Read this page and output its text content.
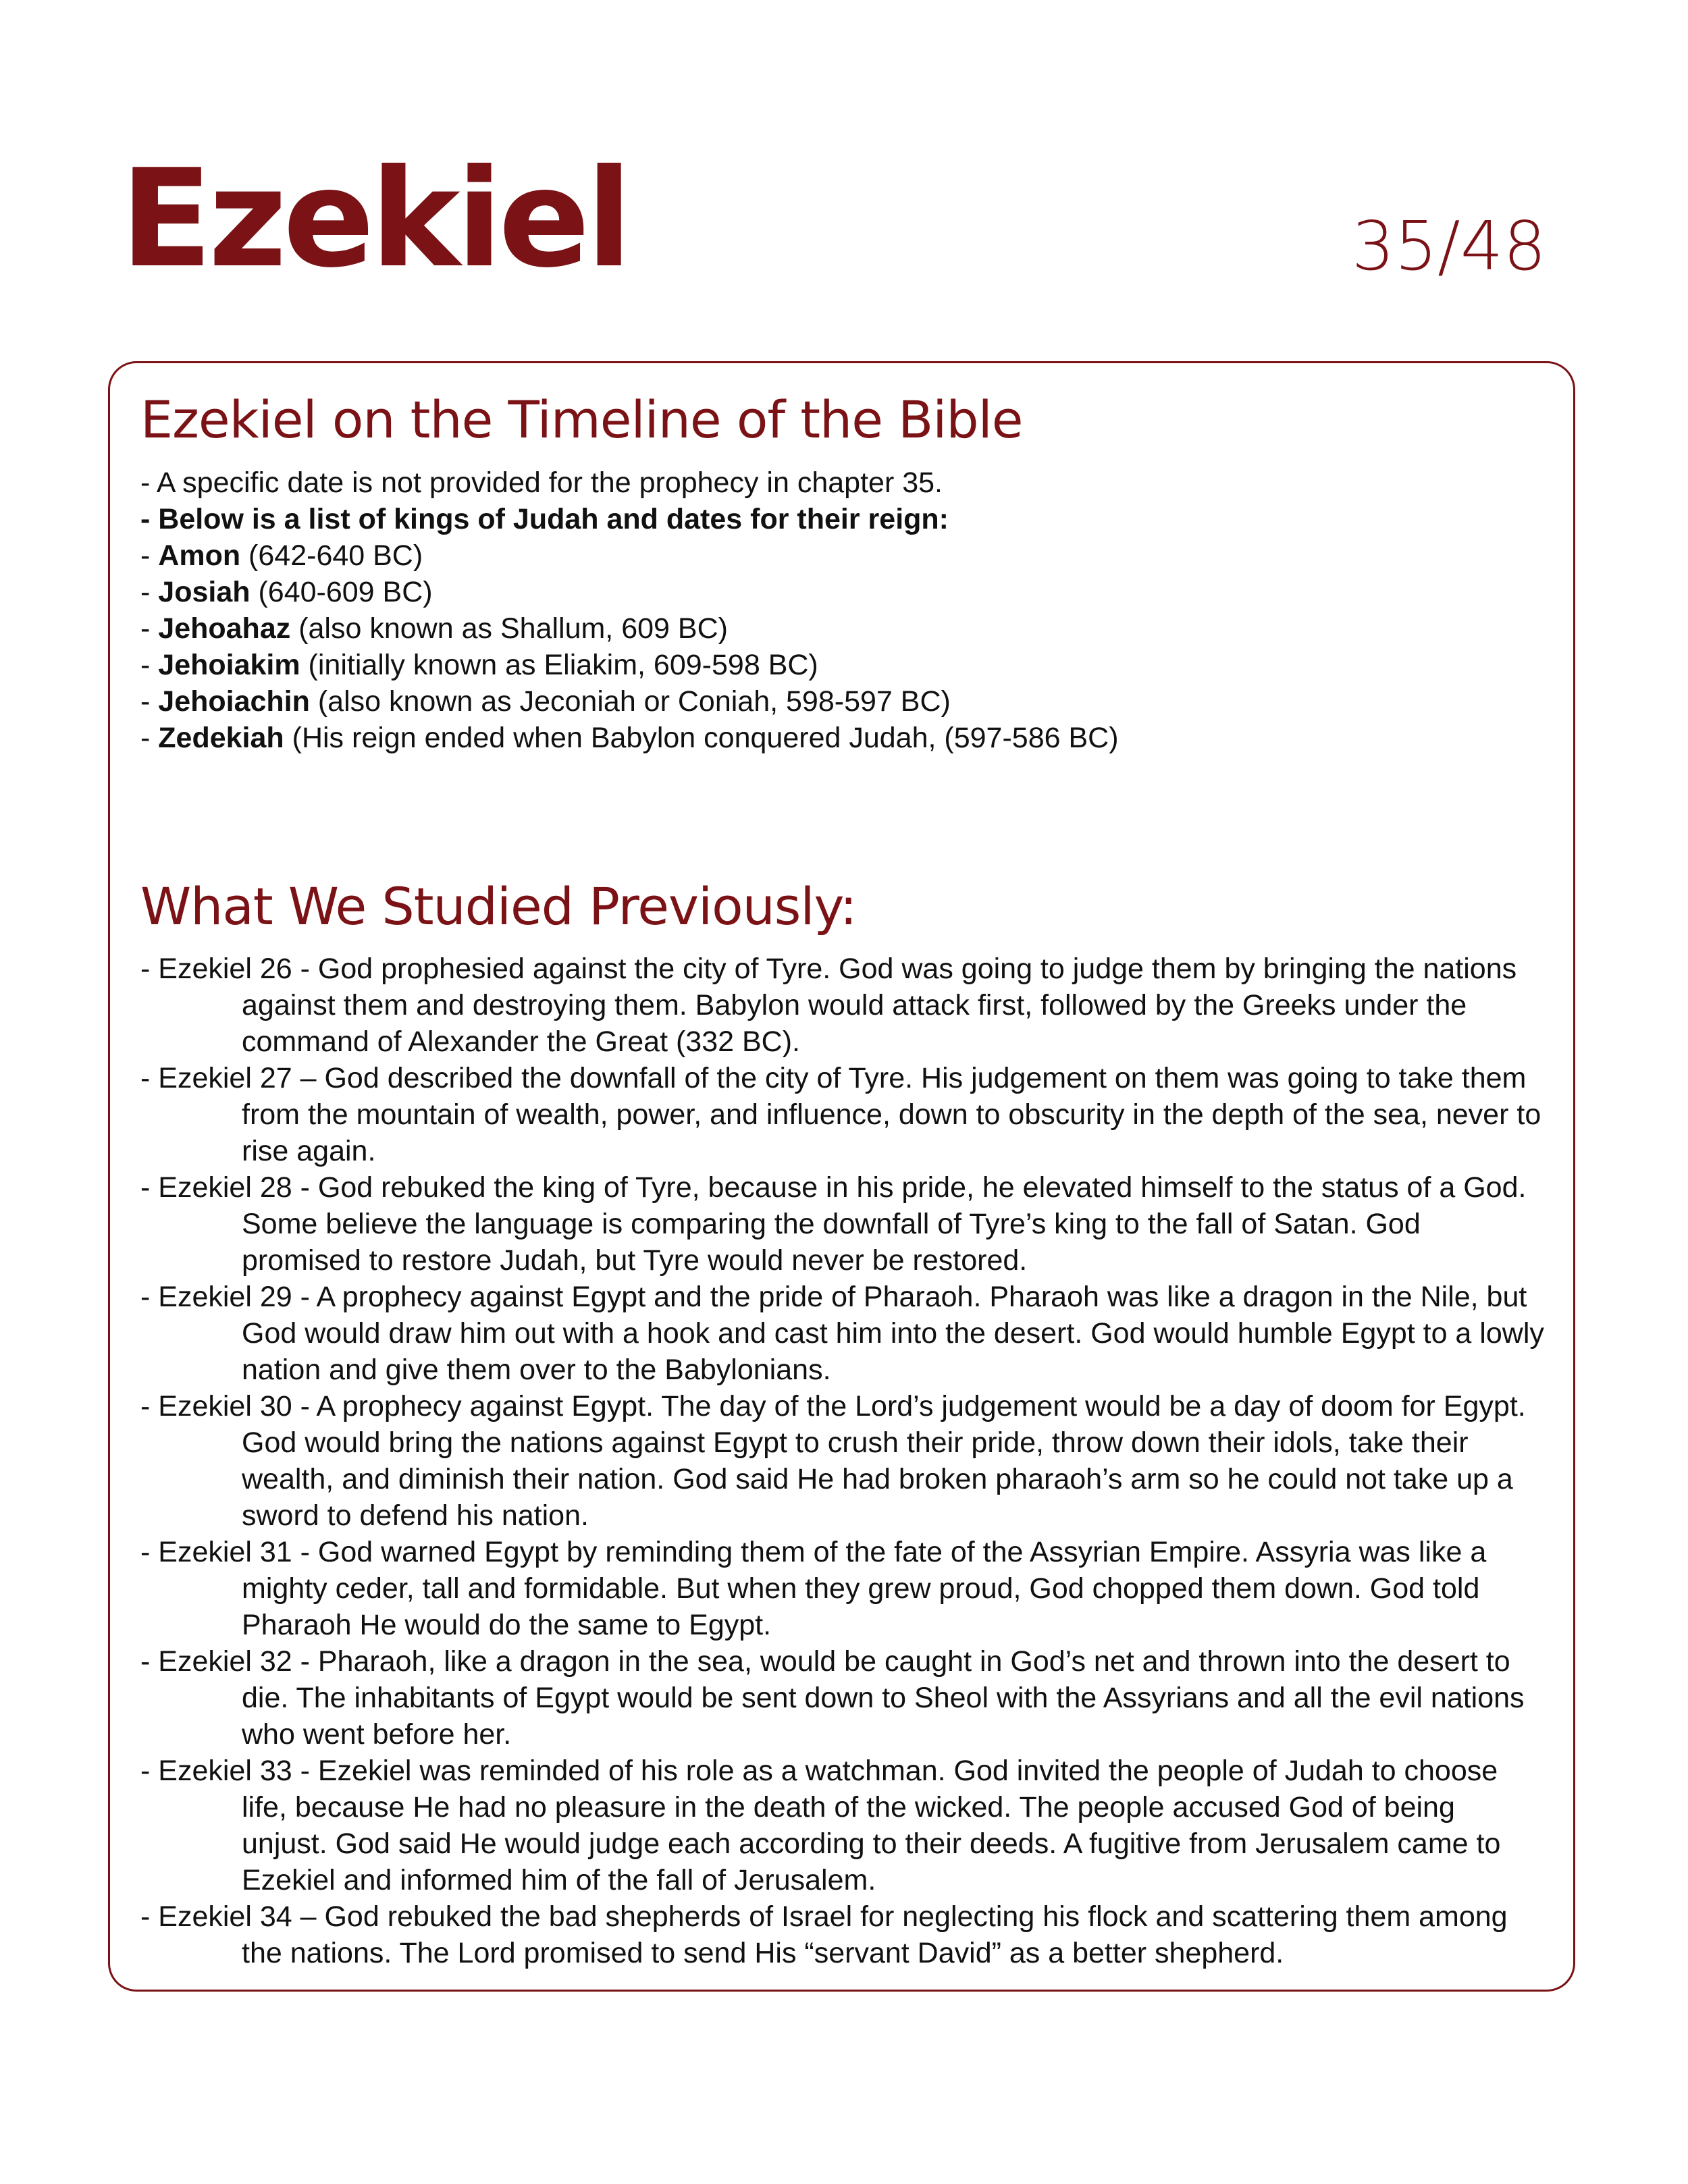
Ezekiel	35/48
Ezekiel on the Timeline of the Bible
- A specific date is not provided for the prophecy in chapter 35.
- Below is a list of kings of Judah and dates for their reign:
- Amon (642-640 BC)
- Josiah (640-609 BC)
- Jehoahaz (also known as Shallum, 609 BC)
- Jehoiakim (initially known as Eliakim, 609-598 BC)
- Jehoiachin (also known as Jeconiah or Coniah, 598-597 BC)
- Zedekiah (His reign ended when Babylon conquered Judah, (597-586 BC)
What We Studied Previously:
- Ezekiel 26 - God prophesied against the city of Tyre. God was going to judge them by bringing the nations against them and destroying them. Babylon would attack first, followed by the Greeks under the command of Alexander the Great (332 BC).
- Ezekiel 27 – God described the downfall of the city of Tyre. His judgement on them was going to take them from the mountain of wealth, power, and influence, down to obscurity in the depth of the sea, never to rise again.
- Ezekiel 28 - God rebuked the king of Tyre, because in his pride, he elevated himself to the status of a God. Some believe the language is comparing the downfall of Tyre’s king to the fall of Satan. God promised to restore Judah, but Tyre would never be restored.
- Ezekiel 29 - A prophecy against Egypt and the pride of Pharaoh. Pharaoh was like a dragon in the Nile, but God would draw him out with a hook and cast him into the desert. God would humble Egypt to a lowly nation and give them over to the Babylonians.
- Ezekiel 30 - A prophecy against Egypt. The day of the Lord’s judgement would be a day of doom for Egypt. God would bring the nations against Egypt to crush their pride, throw down their idols, take their wealth, and diminish their nation. God said He had broken pharaoh’s arm so he could not take up a sword to defend his nation.
- Ezekiel 31 - God warned Egypt by reminding them of the fate of the Assyrian Empire. Assyria was like a mighty ceder, tall and formidable. But when they grew proud, God chopped them down. God told Pharaoh He would do the same to Egypt.
- Ezekiel 32 - Pharaoh, like a dragon in the sea, would be caught in God’s net and thrown into the desert to die. The inhabitants of Egypt would be sent down to Sheol with the Assyrians and all the evil nations who went before her.
- Ezekiel 33 - Ezekiel was reminded of his role as a watchman. God invited the people of Judah to choose life, because He had no pleasure in the death of the wicked. The people accused God of being unjust. God said He would judge each according to their deeds. A fugitive from Jerusalem came to Ezekiel and informed him of the fall of Jerusalem.
- Ezekiel 34 – God rebuked the bad shepherds of Israel for neglecting his flock and scattering them among the nations. The Lord promised to send His “servant David” as a better shepherd.
